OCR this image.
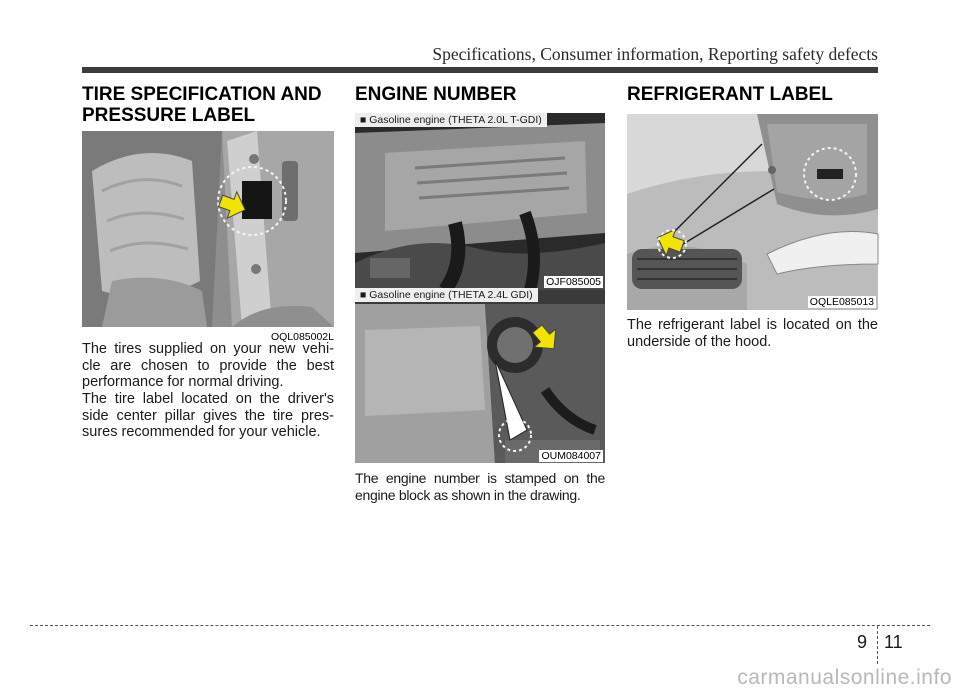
Specifications, Consumer information, Reporting safety defects
TIRE SPECIFICATION AND
PRESSURE LABEL
OQL085002L

The tires supplied on your new vehi- cle are chosen to provide the best performance for normal driving.

The tire label located on the driver's side center pillar gives the tire pres- sures recommended for your vehicle.

ENGINE NUMBER
■ Gasoline engine (THETA 2.0L T-GDI)
OJF085005
■ Gasoline engine (THETA 2.4L GDI)
OUM084007

The engine number is stamped on the engine block as shown in the drawing.

REFRIGERANT LABEL
OQLE085013

The refrigerant label is located on the underside of the hood.

9 11
carmanualsonline.info
